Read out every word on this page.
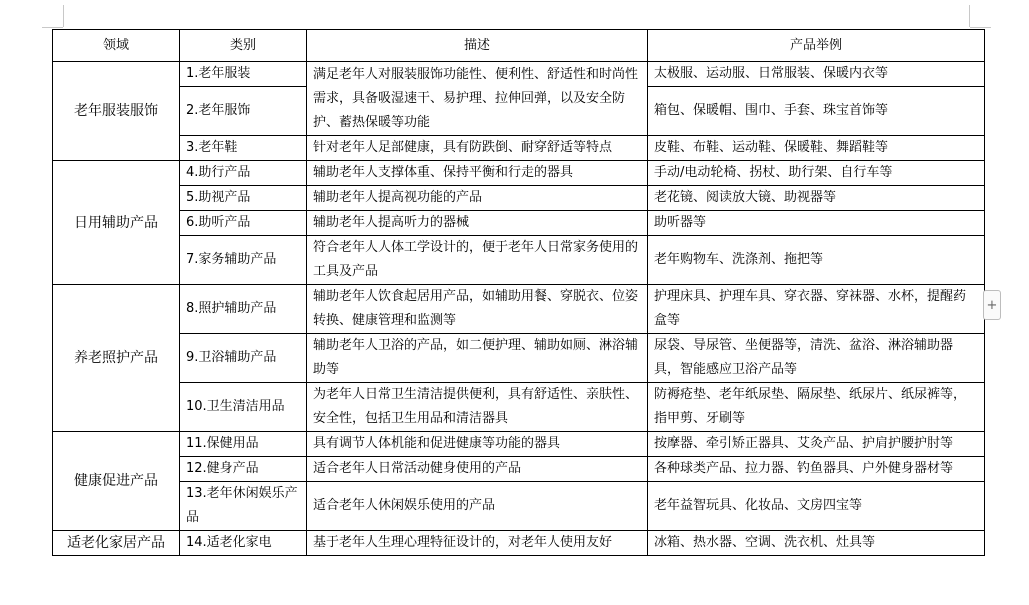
领域	类别	描述	产品举例
老年服装服饰	1.老年服装	满足老年人对服装服饰功能性、便利性、舒适性和时尚性需求，具备吸湿速干、易护理、拉伸回弹，以及安全防护、蓄热保暖等功能	太极服、运动服、日常服装、保暖内衣等
	2.老年服饰		箱包、保暖帽、围巾、手套、珠宝首饰等
	3.老年鞋	针对老年人足部健康，具有防跌倒、耐穿舒适等特点	皮鞋、布鞋、运动鞋、保暖鞋、舞蹈鞋等
日用辅助产品	4.助行产品	辅助老年人支撑体重、保持平衡和行走的器具	手动/电动轮椅、拐杖、助行架、自行车等
	5.助视产品	辅助老年人提高视功能的产品	老花镜、阅读放大镜、助视器等
	6.助听产品	辅助老年人提高听力的器械	助听器等
	7.家务辅助产品	符合老年人人体工学设计的，便于老年人日常家务使用的工具及产品	老年购物车、洗涤剂、拖把等
养老照护产品	8.照护辅助产品	辅助老年人饮食起居用产品，如辅助用餐、穿脱衣、位姿转换、健康管理和监测等	护理床具、护理车具、穿衣器、穿袜器、水杯，提醒药盒等
	9.卫浴辅助产品	辅助老年人卫浴的产品，如二便护理、辅助如厕、淋浴辅助等	尿袋、导尿管、坐便器等，清洗、盆浴、淋浴辅助器具，智能感应卫浴产品等
	10.卫生清洁用品	为老年人日常卫生清洁提供便利，具有舒适性、亲肤性、安全性，包括卫生用品和清洁器具	防褥疮垫、老年纸尿垫、隔尿垫、纸尿片、纸尿裤等，指甲剪、牙刷等
健康促进产品	11.保健用品	具有调节人体机能和促进健康等功能的器具	按摩器、牵引矫正器具、艾灸产品、护肩护腰护肘等
	12.健身产品	适合老年人日常活动健身使用的产品	各种球类产品、拉力器、钓鱼器具、户外健身器材等
	13.老年休闲娱乐产品	适合老年人休闲娱乐使用的产品	老年益智玩具、化妆品、文房四宝等
适老化家居产品	14.适老化家电	基于老年人生理心理特征设计的，对老年人使用友好	冰箱、热水器、空调、洗衣机、灶具等
+
